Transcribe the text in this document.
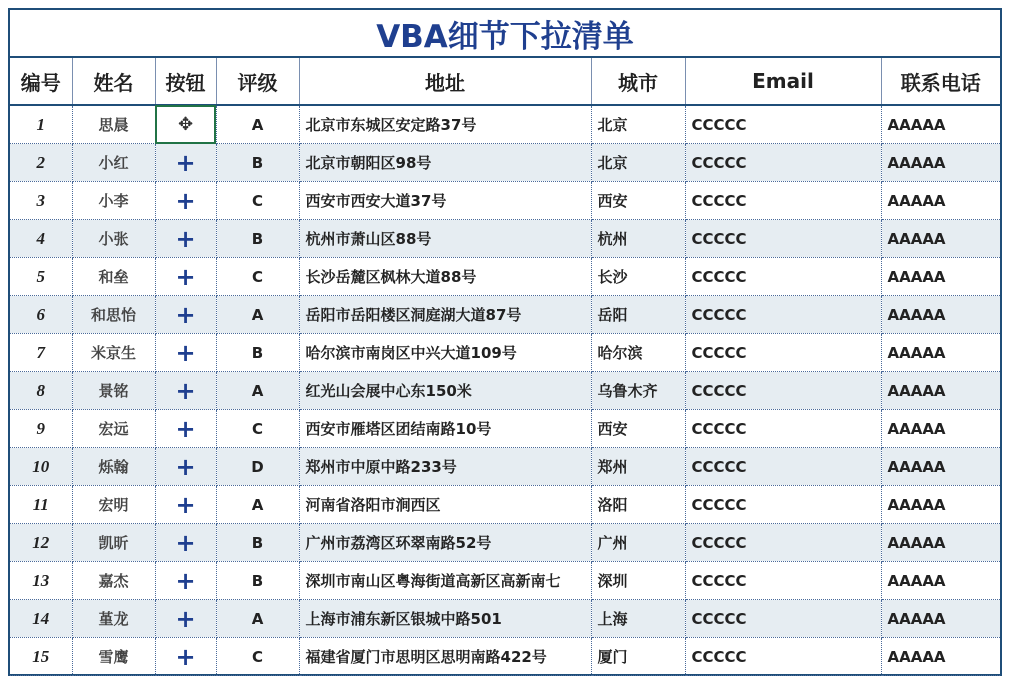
VBA细节下拉清单
编号	姓名	按钮	评级	地址	城市	Email	联系电话
1	思晨	✥	A	北京市东城区安定路37号	北京	CCCCC	AAAAA
2	小红	+	B	北京市朝阳区98号	北京	CCCCC	AAAAA
3	小李	+	C	西安市西安大道37号	西安	CCCCC	AAAAA
4	小张	+	B	杭州市萧山区88号	杭州	CCCCC	AAAAA
5	和垒	+	C	长沙岳麓区枫林大道88号	长沙	CCCCC	AAAAA
6	和思怡	+	A	岳阳市岳阳楼区洞庭湖大道87号	岳阳	CCCCC	AAAAA
7	米京生	+	B	哈尔滨市南岗区中兴大道109号	哈尔滨	CCCCC	AAAAA
8	景铭	+	A	红光山会展中心东150米	乌鲁木齐	CCCCC	AAAAA
9	宏远	+	C	西安市雁塔区团结南路10号	西安	CCCCC	AAAAA
10	烁翰	+	D	郑州市中原中路233号	郑州	CCCCC	AAAAA
11	宏明	+	A	河南省洛阳市涧西区	洛阳	CCCCC	AAAAA
12	凯昕	+	B	广州市荔湾区环翠南路52号	广州	CCCCC	AAAAA
13	嘉杰	+	B	深圳市南山区粤海街道高新区高新南七	深圳	CCCCC	AAAAA
14	堇龙	+	A	上海市浦东新区银城中路501	上海	CCCCC	AAAAA
15	雪鹰	+	C	福建省厦门市思明区思明南路422号	厦门	CCCCC	AAAAA
